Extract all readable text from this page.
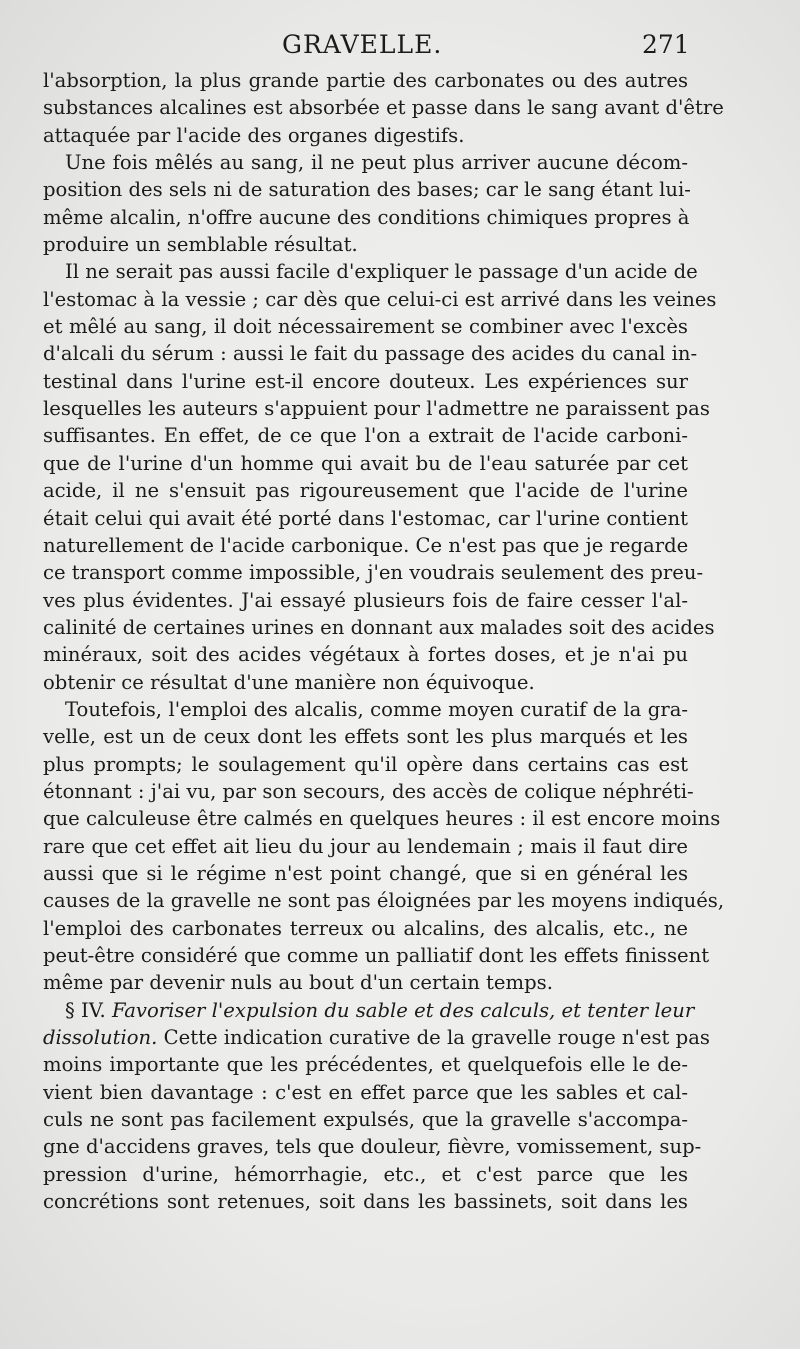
GRAVELLE.	271
l'absorption, la plus grande partie des carbonates ou des autres
substances alcalines est absorbée et passe dans le sang avant d'être
attaquée par l'acide des organes digestifs.
Une fois mêlés au sang, il ne peut plus arriver aucune décom-
position des sels ni de saturation des bases; car le sang étant lui-
même alcalin, n'offre aucune des conditions chimiques propres à
produire un semblable résultat.
Il ne serait pas aussi facile d'expliquer le passage d'un acide de
l'estomac à la vessie ; car dès que celui-ci est arrivé dans les veines
et mêlé au sang, il doit nécessairement se combiner avec l'excès
d'alcali du sérum : aussi le fait du passage des acides du canal in-
testinal dans l'urine est-il encore douteux. Les expériences sur
lesquelles les auteurs s'appuient pour l'admettre ne paraissent pas
suffisantes. En effet, de ce que l'on a extrait de l'acide carboni-
que de l'urine d'un homme qui avait bu de l'eau saturée par cet
acide, il ne s'ensuit pas rigoureusement que l'acide de l'urine
était celui qui avait été porté dans l'estomac, car l'urine contient
naturellement de l'acide carbonique. Ce n'est pas que je regarde
ce transport comme impossible, j'en voudrais seulement des preu-
ves plus évidentes. J'ai essayé plusieurs fois de faire cesser l'al-
calinité de certaines urines en donnant aux malades soit des acides
minéraux, soit des acides végétaux à fortes doses, et je n'ai pu
obtenir ce résultat d'une manière non équivoque.
Toutefois, l'emploi des alcalis, comme moyen curatif de la gra-
velle, est un de ceux dont les effets sont les plus marqués et les
plus prompts; le soulagement qu'il opère dans certains cas est
étonnant : j'ai vu, par son secours, des accès de colique néphréti-
que calculeuse être calmés en quelques heures : il est encore moins
rare que cet effet ait lieu du jour au lendemain ; mais il faut dire
aussi que si le régime n'est point changé, que si en général les
causes de la gravelle ne sont pas éloignées par les moyens indiqués,
l'emploi des carbonates terreux ou alcalins, des alcalis, etc., ne
peut-être considéré que comme un palliatif dont les effets finissent
même par devenir nuls au bout d'un certain temps.
§ IV. Favoriser l'expulsion du sable et des calculs, et tenter leur
dissolution. Cette indication curative de la gravelle rouge n'est pas
moins importante que les précédentes, et quelquefois elle le de-
vient bien davantage : c'est en effet parce que les sables et cal-
culs ne sont pas facilement expulsés, que la gravelle s'accompa-
gne d'accidens graves, tels que douleur, fièvre, vomissement, sup-
pression d'urine, hémorrhagie, etc., et c'est parce que les
concrétions sont retenues, soit dans les bassinets, soit dans les
